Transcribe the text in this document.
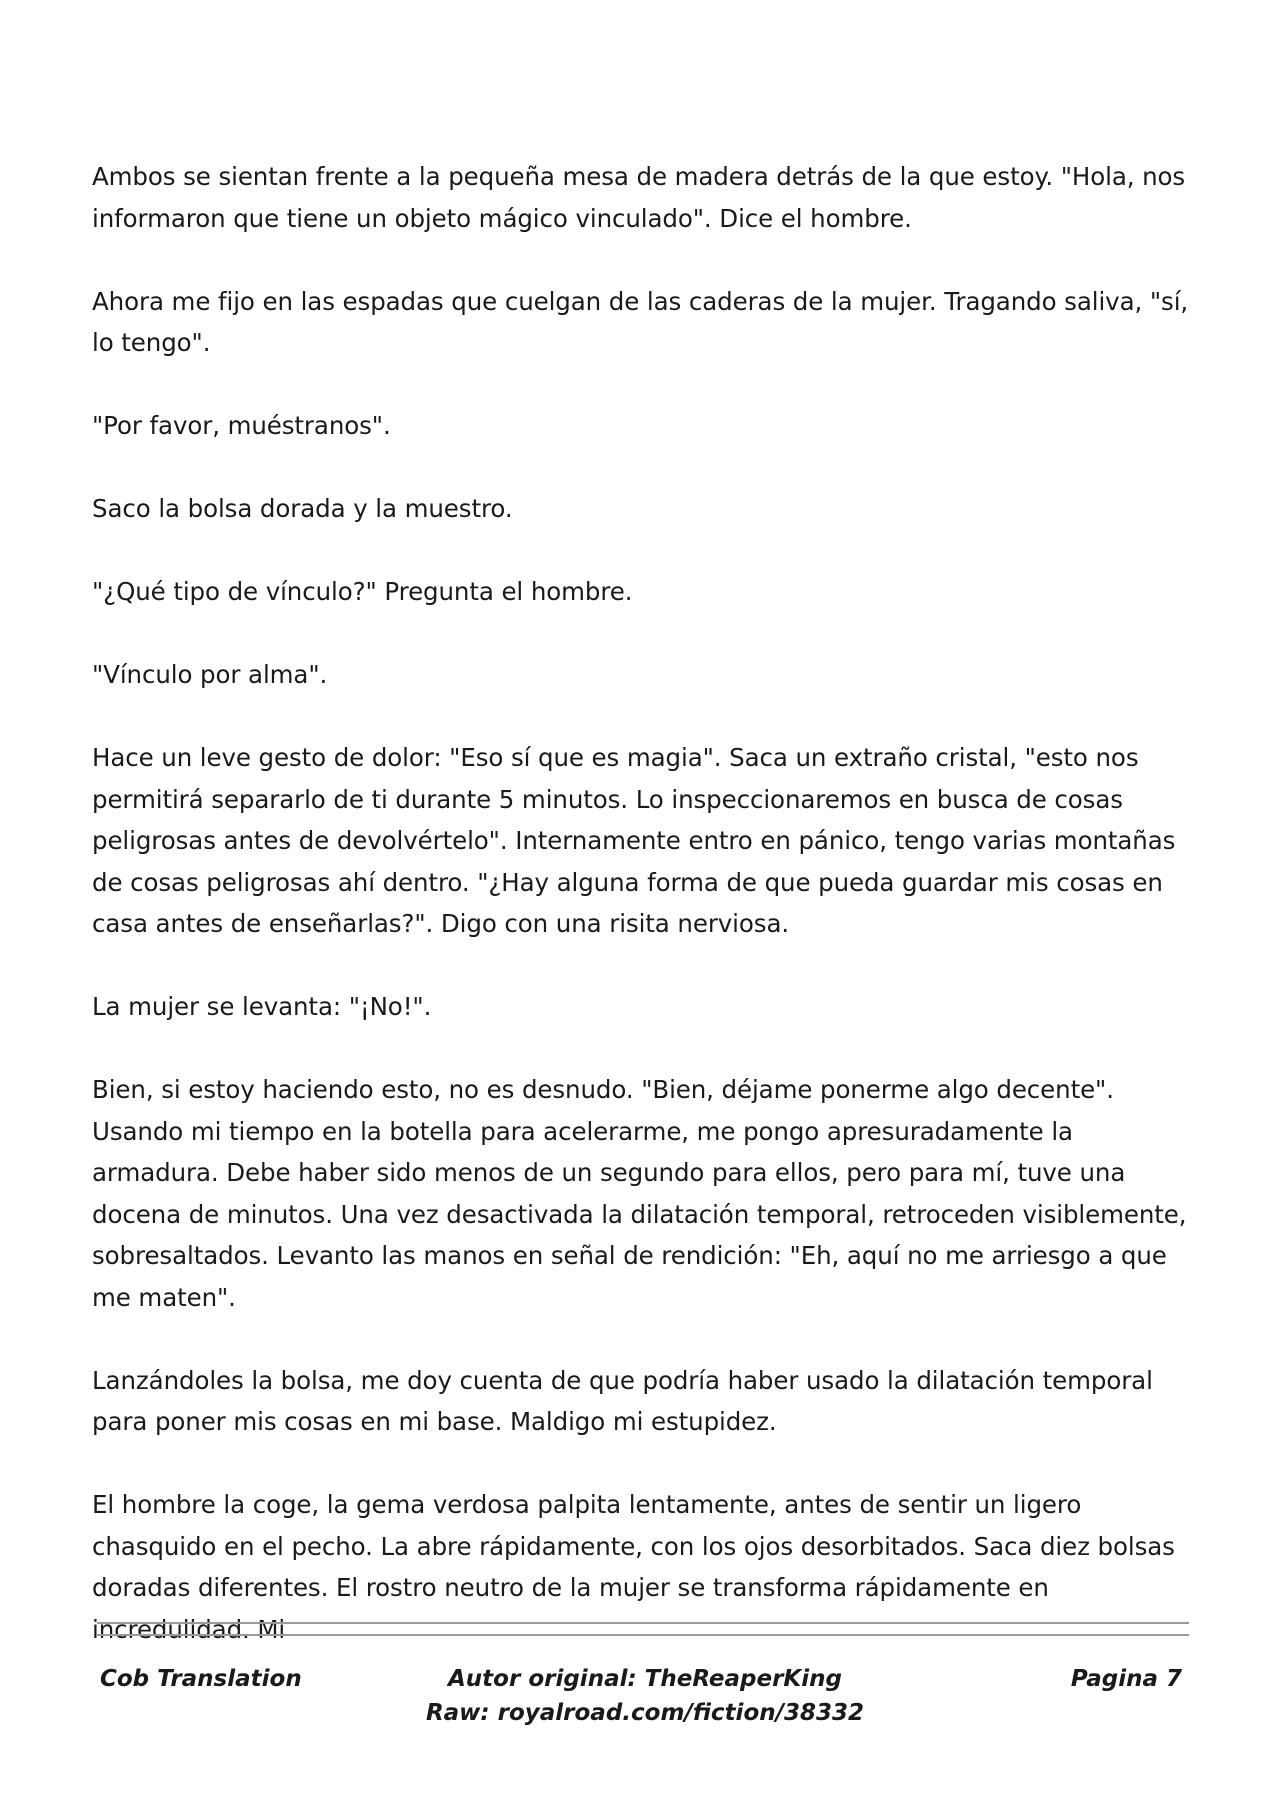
Ambos se sientan frente a la pequeña mesa de madera detrás de la que estoy. "Hola, nos informaron que tiene un objeto mágico vinculado". Dice el hombre.

Ahora me fijo en las espadas que cuelgan de las caderas de la mujer. Tragando saliva, "sí, lo tengo".

"Por favor, muéstranos".

Saco la bolsa dorada y la muestro.

"¿Qué tipo de vínculo?" Pregunta el hombre.

"Vínculo por alma".

Hace un leve gesto de dolor: "Eso sí que es magia". Saca un extraño cristal, "esto nos permitirá separarlo de ti durante 5 minutos. Lo inspeccionaremos en busca de cosas peligrosas antes de devolvértelo". Internamente entro en pánico, tengo varias montañas de cosas peligrosas ahí dentro. "¿Hay alguna forma de que pueda guardar mis cosas en casa antes de enseñarlas?". Digo con una risita nerviosa.

La mujer se levanta: "¡No!".

Bien, si estoy haciendo esto, no es desnudo. "Bien, déjame ponerme algo decente". Usando mi tiempo en la botella para acelerarme, me pongo apresuradamente la armadura. Debe haber sido menos de un segundo para ellos, pero para mí, tuve una docena de minutos. Una vez desactivada la dilatación temporal, retroceden visiblemente, sobresaltados. Levanto las manos en señal de rendición: "Eh, aquí no me arriesgo a que me maten".

Lanzándoles la bolsa, me doy cuenta de que podría haber usado la dilatación temporal para poner mis cosas en mi base. Maldigo mi estupidez.

El hombre la coge, la gema verdosa palpita lentamente, antes de sentir un ligero chasquido en el pecho. La abre rápidamente, con los ojos desorbitados. Saca diez bolsas doradas diferentes. El rostro neutro de la mujer se transforma rápidamente en incredulidad. Mi

Cob Translation	Autor original: TheReaperKing
Raw: royalroad.com/fiction/38332
Pagina 7
